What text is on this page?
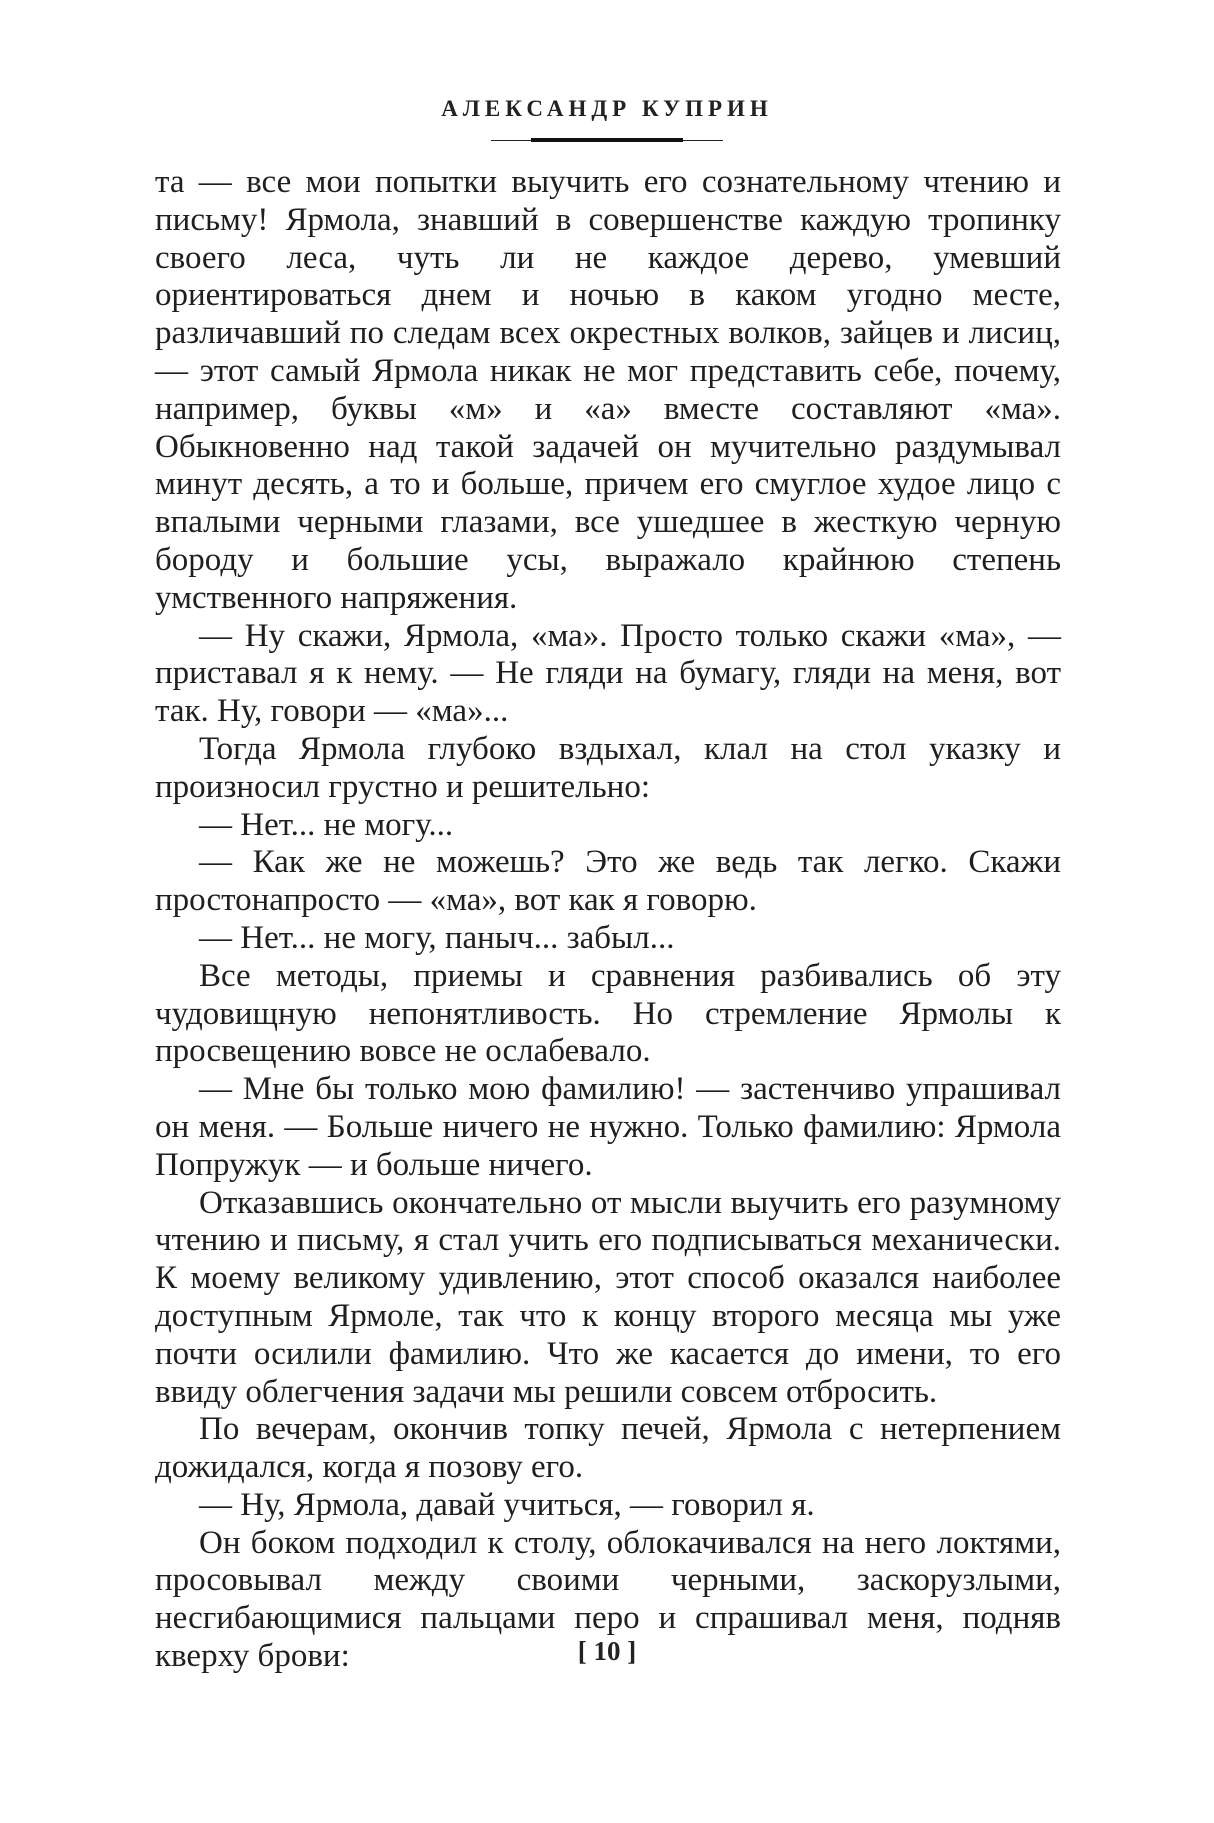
АЛЕКСАНДР КУПРИН

та — все мои попытки выучить его сознательному чтению и письму! Ярмола, знавший в совершенстве каждую тропинку своего леса, чуть ли не каждое дерево, умевший ориентироваться днем и ночью в каком угодно месте, различавший по следам всех окрестных волков, зайцев и лисиц, — этот самый Ярмола никак не мог представить себе, почему, например, буквы «м» и «а» вместе составляют «ма». Обыкновенно над такой задачей он мучительно раздумывал минут десять, а то и больше, причем его смуглое худое лицо с впалыми черными глазами, все ушедшее в жесткую черную бороду и большие усы, выражало крайнюю степень умственного напряжения.

— Ну скажи, Ярмола, «ма». Просто только скажи «ма», — приставал я к нему. — Не гляди на бумагу, гляди на меня, вот так. Ну, говори — «ма»...

Тогда Ярмола глубоко вздыхал, клал на стол указку и произносил грустно и решительно:

— Нет... не могу...

— Как же не можешь? Это же ведь так легко. Скажи простонапросто — «ма», вот как я говорю.

— Нет... не могу, паныч... забыл...

Все методы, приемы и сравнения разбивались об эту чудовищную непонятливость. Но стремление Ярмолы к просвещению вовсе не ослабевало.

— Мне бы только мою фамилию! — застенчиво упрашивал он меня. — Больше ничего не нужно. Только фамилию: Ярмола Попружук — и больше ничего.

Отказавшись окончательно от мысли выучить его разумному чтению и письму, я стал учить его подписываться механически. К моему великому удивлению, этот способ оказался наиболее доступным Ярмоле, так что к концу второго месяца мы уже почти осилили фамилию. Что же касается до имени, то его ввиду облегчения задачи мы решили совсем отбросить.

По вечерам, окончив топку печей, Ярмола с нетерпением дожидался, когда я позову его.

— Ну, Ярмола, давай учиться, — говорил я.

Он боком подходил к столу, облокачивался на него локтями, просовывал между своими черными, заскорузлыми, несгибающимися пальцами перо и спрашивал меня, подняв кверху брови:	[ 10 ]
